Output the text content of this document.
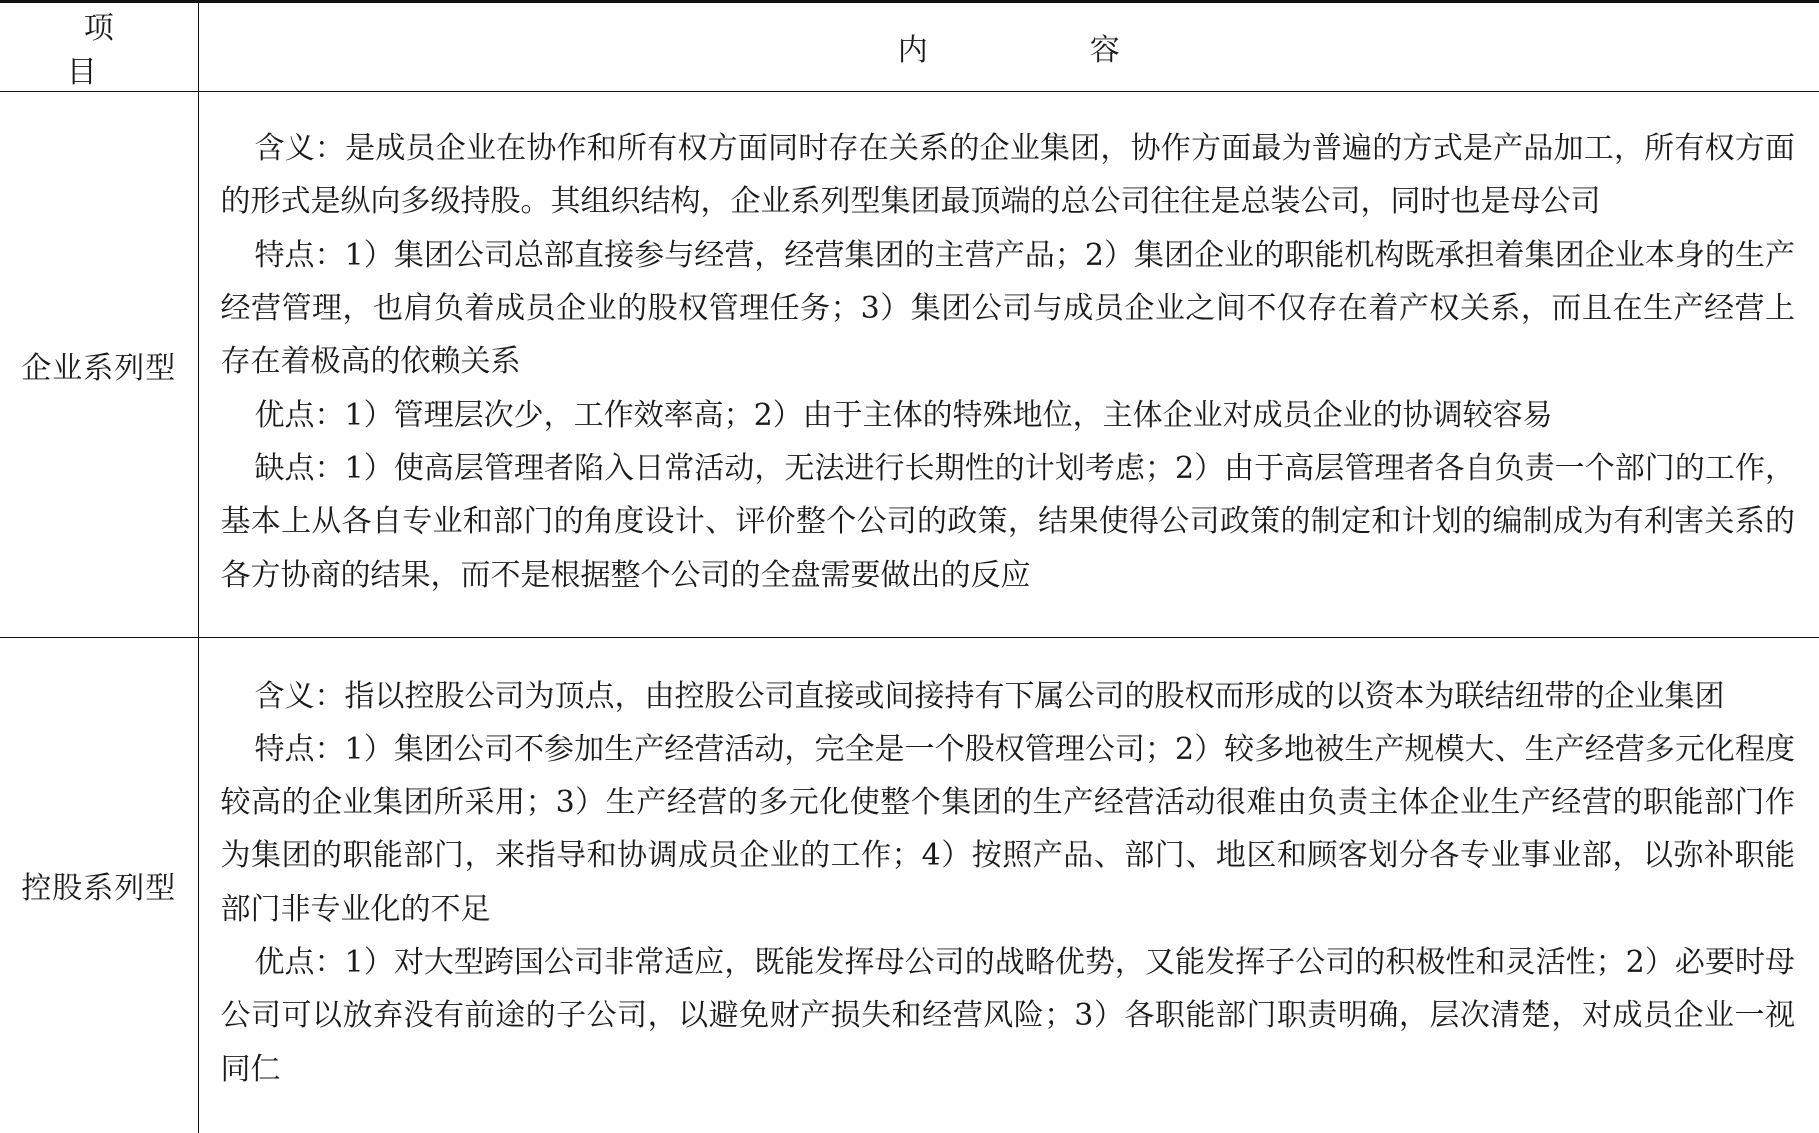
项　目	内　　容
企业系列型	含义：是成员企业在协作和所有权方面同时存在关系的企业集团，协作方面最为普遍的方式是产品加工，所有权方面的形式是纵向多级持股。其组织结构，企业系列型集团最顶端的总公司往往是总装公司，同时也是母公司

特点：1）集团公司总部直接参与经营，经营集团的主营产品；2）集团企业的职能机构既承担着集团企业本身的生产经营管理，也肩负着成员企业的股权管理任务；3）集团公司与成员企业之间不仅存在着产权关系，而且在生产经营上存在着极高的依赖关系

优点：1）管理层次少，工作效率高；2）由于主体的特殊地位，主体企业对成员企业的协调较容易

缺点：1）使高层管理者陷入日常活动，无法进行长期性的计划考虑；2）由于高层管理者各自负责一个部门的工作，基本上从各自专业和部门的角度设计、评价整个公司的政策，结果使得公司政策的制定和计划的编制成为有利害关系的各方协商的结果，而不是根据整个公司的全盘需要做出的反应

控股系列型	含义：指以控股公司为顶点，由控股公司直接或间接持有下属公司的股权而形成的以资本为联结纽带的企业集团

特点：1）集团公司不参加生产经营活动，完全是一个股权管理公司；2）较多地被生产规模大、生产经营多元化程度较高的企业集团所采用；3）生产经营的多元化使整个集团的生产经营活动很难由负责主体企业生产经营的职能部门作为集团的职能部门，来指导和协调成员企业的工作；4）按照产品、部门、地区和顾客划分各专业事业部，以弥补职能部门非专业化的不足

优点：1）对大型跨国公司非常适应，既能发挥母公司的战略优势，又能发挥子公司的积极性和灵活性；2）必要时母公司可以放弃没有前途的子公司，以避免财产损失和经营风险；3）各职能部门职责明确，层次清楚，对成员企业一视同仁
